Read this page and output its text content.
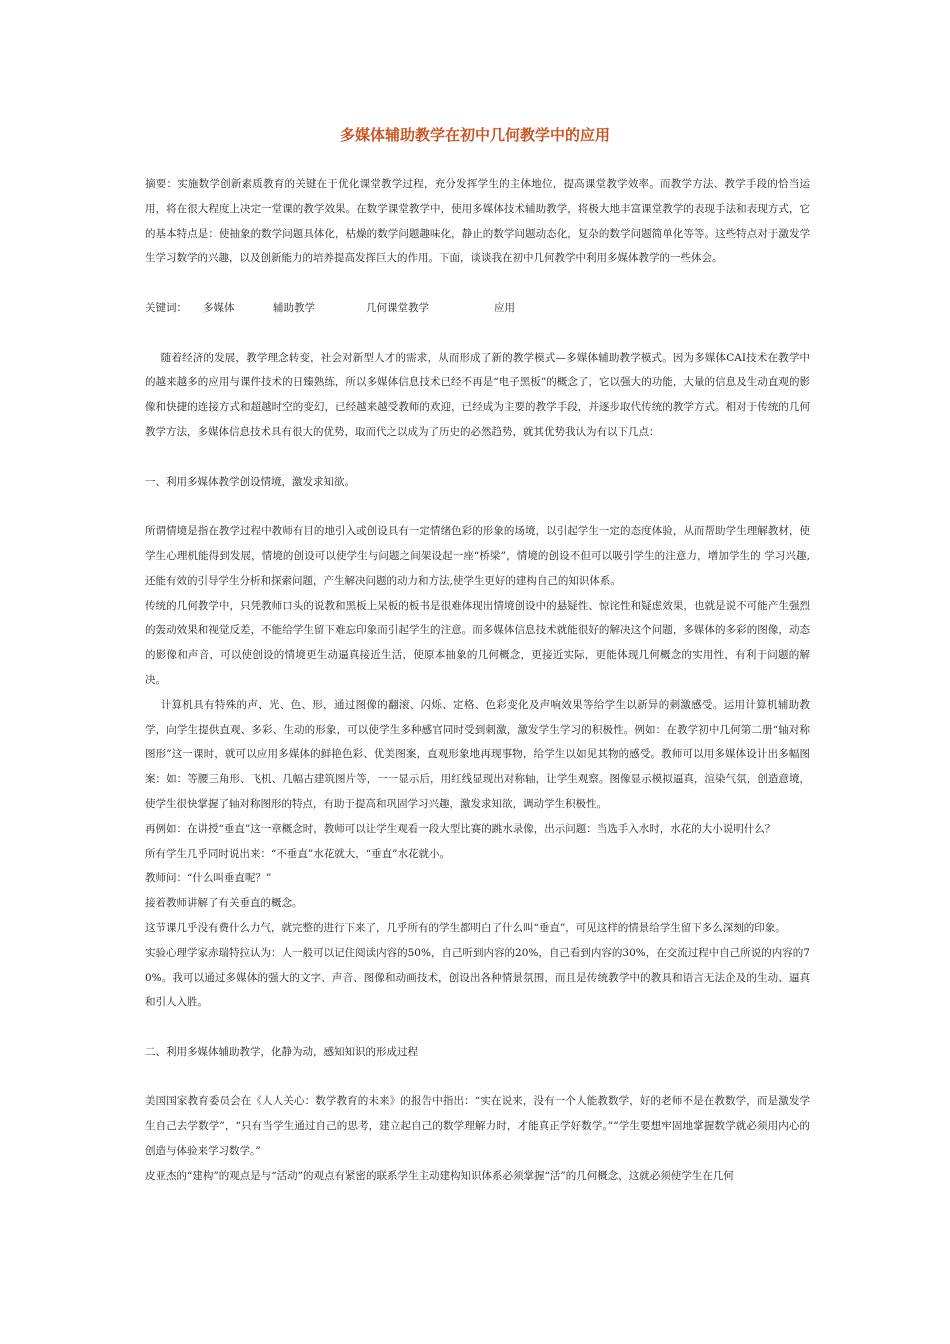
多媒体辅助教学在初中几何教学中的应用

摘要：实施数学创新素质教育的关键在于优化课堂教学过程，充分发挥学生的主体地位，提高课堂教学效率。而教学方法、教学手段的恰当运用，将在很大程度上决定一堂课的教学效果。在数学课堂教学中，使用多媒体技术辅助教学，将极大地丰富课堂教学的表现手法和表现方式，它的基本特点是：使抽象的数学问题具体化，枯燥的数学问题趣味化，静止的数学问题动态化，复杂的数学问题简单化等等。这些特点对于激发学生学习数学的兴趣，以及创新能力的培养提高发挥巨大的作用。下面，谈谈我在初中几何教学中利用多媒体教学的一些体会。

关键词：	多媒体	辅助教学	几何课堂教学	应用

随着经济的发展，教学理念转变，社会对新型人才的需求，从而形成了新的教学模式—多媒体辅助教学模式。因为多媒体CAI技术在教学中的越来越多的应用与课件技术的日臻熟练，所以多媒体信息技术已经不再是“电子黑板”的概念了，它以强大的功能，大量的信息及生动直观的影像和快捷的连接方式和超越时空的变幻，已经越来越受教师的欢迎，已经成为主要的教学手段，并逐步取代传统的教学方式。相对于传统的几何教学方法，多媒体信息技术具有很大的优势，取而代之以成为了历史的必然趋势，就其优势我认为有以下几点：

一、利用多媒体教学创设情境，激发求知欲。

所谓情境是指在教学过程中教师有目的地引入或创设具有一定情绪色彩的形象的场境，以引起学生一定的态度体验，从而帮助学生理解教材，使学生心理机能得到发展，情境的创设可以使学生与问题之间架设起一座“桥梁”，情境的创设不但可以吸引学生的注意力，增加学生的 学习兴趣,还能有效的引导学生分析和探索问题，产生解决问题的动力和方法,使学生更好的建构自己的知识体系。

传统的几何教学中，只凭教师口头的说教和黑板上呆板的板书是很难体现出情境创设中的悬疑性、惊诧性和疑虑效果，也就是说不可能产生强烈的轰动效果和视觉反差，不能给学生留下难忘印象而引起学生的注意。而多媒体信息技术就能很好的解决这个问题，多媒体的多彩的图像，动态的影像和声音，可以使创设的情境更生动逼真接近生活，使原本抽象的几何概念，更接近实际，更能体现几何概念的实用性，有利于问题的解决。

计算机具有特殊的声、光、色、形，通过图像的翻滚、闪烁、定格、色彩变化及声响效果等给学生以新异的刺激感受。运用计算机辅助教学，向学生提供直观、多彩、生动的形象，可以使学生多种感官同时受到刺激，激发学生学习的积极性。例如：在教学初中几何第二册“轴对称图形”这一课时，就可以应用多媒体的鲜艳色彩、优美图案，直观形象地再现事物，给学生以如见其物的感受。教师可以用多媒体设计出多幅图案：如：等腰三角形、飞机、几幅古建筑图片等，一一显示后，用红线显现出对称轴，让学生观察。图像显示模拟逼真，渲染气氛，创造意境，使学生很快掌握了轴对称图形的特点，有助于提高和巩固学习兴趣，激发求知欲，调动学生积极性。

再例如：在讲授“垂直”这一章概念时，教师可以让学生观看一段大型比赛的跳水录像，出示问题：当选手入水时，水花的大小说明什么？

所有学生几乎同时说出来：“不垂直”水花就大，“垂直”水花就小。

教师问：“什么叫垂直呢？”

接着教师讲解了有关垂直的概念。

这节课几乎没有费什么力气，就完整的进行下来了，几乎所有的学生都明白了什么叫“垂直”，可见这样的情景给学生留下多么深刻的印象。

实验心理学家赤瑞特拉认为：人一般可以记住阅读内容的50%，自己听到内容的20%，自己看到内容的30%，在交流过程中自己所说的内容的70%。我可以通过多媒体的强大的文字、声音、图像和动画技术，创设出各种情景氛围，而且是传统教学中的教具和语言无法企及的生动、逼真和引人入胜。

二、利用多媒体辅助教学，化静为动，感知知识的形成过程

美国国家教育委员会在《人人关心：数学教育的未来》的报告中指出：“实在说来，没有一个人能教数学，好的老师不是在教数学，而是激发学生自己去学数学”，“只有当学生通过自己的思考，建立起自己的数学理解力时，才能真正学好数学。”“学生要想牢固地掌握数学就必须用内心的创造与体验来学习数学。”

皮亚杰的“建构”的观点是与“活动”的观点有紧密的联系学生主动建构知识体系必须掌握“活”的几何概念，这就必须使学生在几何
